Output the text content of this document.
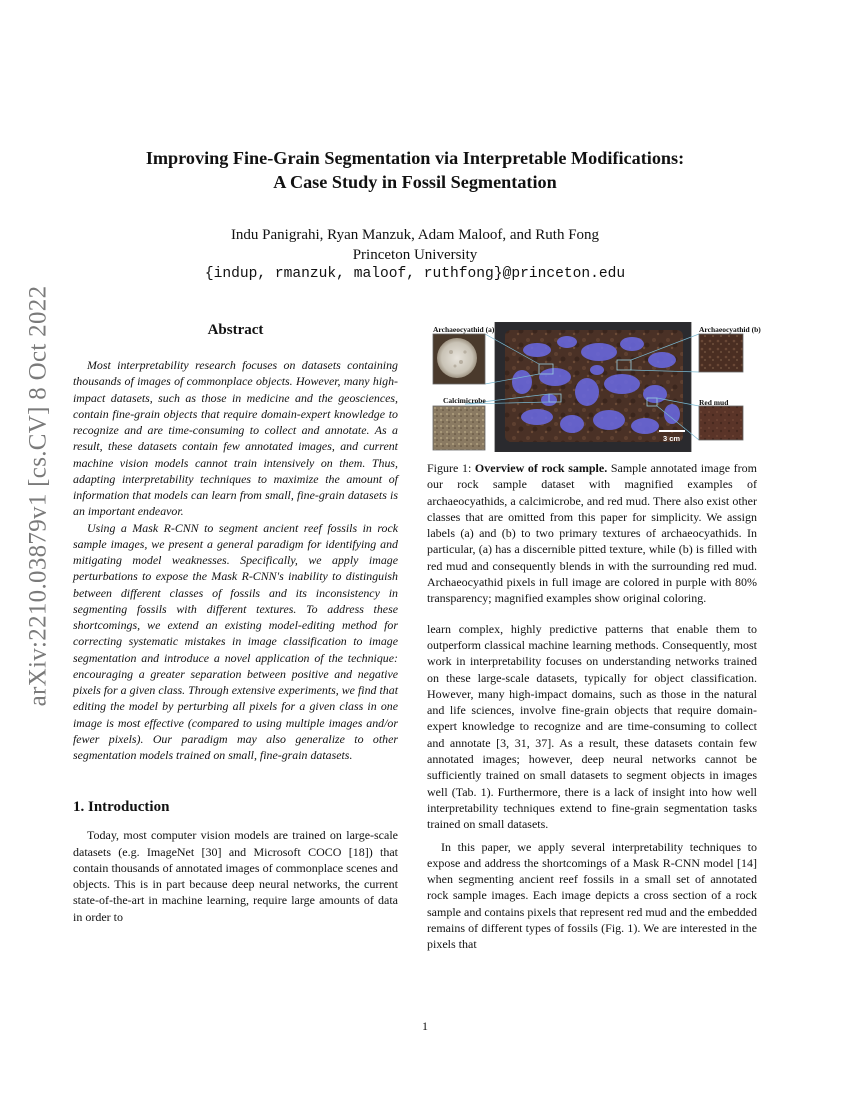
arXiv:2210.03879v1 [cs.CV] 8 Oct 2022
Improving Fine-Grain Segmentation via Interpretable Modifications:
A Case Study in Fossil Segmentation
Indu Panigrahi, Ryan Manzuk, Adam Maloof, and Ruth Fong
Princeton University
{indup, rmanzuk, maloof, ruthfong}@princeton.edu
Abstract

Most interpretability research focuses on datasets containing thousands of images of commonplace objects. However, many high-impact datasets, such as those in medicine and the geosciences, contain fine-grain objects that require domain-expert knowledge to recognize and are time-consuming to collect and annotate. As a result, these datasets contain few annotated images, and current machine vision models cannot train intensively on them. Thus, adapting interpretability techniques to maximize the amount of information that models can learn from small, fine-grain datasets is an important endeavor.

Using a Mask R-CNN to segment ancient reef fossils in rock sample images, we present a general paradigm for identifying and mitigating model weaknesses. Specifically, we apply image perturbations to expose the Mask R-CNN's inability to distinguish between different classes of fossils and its inconsistency in segmenting fossils with different textures. To address these shortcomings, we extend an existing model-editing method for correcting systematic mistakes in image classification to image segmentation and introduce a novel application of the technique: encouraging a greater separation between positive and negative pixels for a given class. Through extensive experiments, we find that editing the model by perturbing all pixels for a given class in one image is most effective (compared to using multiple images and/or fewer pixels). Our paradigm may also generalize to other segmentation models trained on small, fine-grain datasets.

1. Introduction

Today, most computer vision models are trained on large-scale datasets (e.g. ImageNet [30] and Microsoft COCO [18]) that contain thousands of annotated images of commonplace scenes and objects. This is in part because deep neural networks, the current state-of-the-art in machine learning, require large amounts of data in order to

Archaeocyathid (a)	Archaeocyathid (b)
Calcimicrobe	Red mud
3 cm
Figure 1: Overview of rock sample. Sample annotated image from our rock sample dataset with magnified examples of archaeocyathids, a calcimicrobe, and red mud. There also exist other classes that are omitted from this paper for simplicity. We assign labels (a) and (b) to two primary textures of archaeocyathids. In particular, (a) has a discernible pitted texture, while (b) is filled with red mud and consequently blends in with the surrounding red mud. Archaeocyathid pixels in full image are colored in purple with 80% transparency; magnified examples show original coloring.

learn complex, highly predictive patterns that enable them to outperform classical machine learning methods. Consequently, most work in interpretability focuses on understanding networks trained on these large-scale datasets, typically for object classification. However, many high-impact domains, such as those in the natural and life sciences, involve fine-grain objects that require domain-expert knowledge to recognize and are time-consuming to collect and annotate [3, 31, 37]. As a result, these datasets contain few annotated images; however, deep neural networks cannot be sufficiently trained on small datasets to segment objects in images well (Tab. 1). Furthermore, there is a lack of insight into how well interpretability techniques extend to fine-grain segmentation tasks trained on small datasets.

In this paper, we apply several interpretability techniques to expose and address the shortcomings of a Mask R-CNN model [14] when segmenting ancient reef fossils in a small set of annotated rock sample images. Each image depicts a cross section of a rock sample and contains pixels that represent red mud and the embedded remains of different types of fossils (Fig. 1). We are interested in the pixels that

1
